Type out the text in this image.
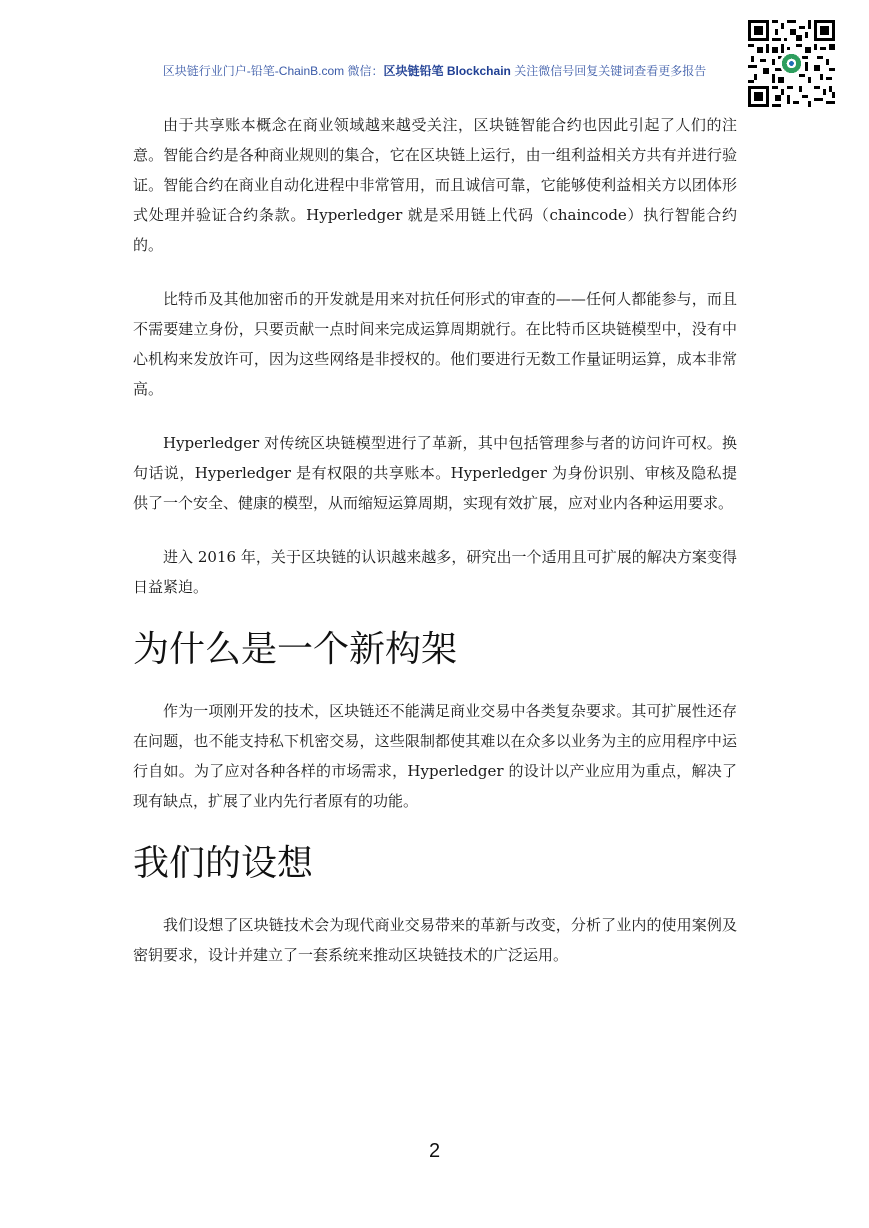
区块链行业门户-铅笔-ChainB.com 微信：区块链铅笔 Blockchain 关注微信号回复关键词查看更多报告

由于共享账本概念在商业领域越来越受关注，区块链智能合约也因此引起了人们的注意。智能合约是各种商业规则的集合，它在区块链上运行，由一组利益相关方共有并进行验证。智能合约在商业自动化进程中非常管用，而且诚信可靠，它能够使利益相关方以团体形式处理并验证合约条款。Hyperledger 就是采用链上代码（chaincode）执行智能合约的。

比特币及其他加密币的开发就是用来对抗任何形式的审查的——任何人都能参与，而且不需要建立身份，只要贡献一点时间来完成运算周期就行。在比特币区块链模型中，没有中心机构来发放许可，因为这些网络是非授权的。他们要进行无数工作量证明运算，成本非常高。

Hyperledger 对传统区块链模型进行了革新，其中包括管理参与者的访问许可权。换句话说，Hyperledger 是有权限的共享账本。Hyperledger 为身份识别、审核及隐私提供了一个安全、健康的模型，从而缩短运算周期，实现有效扩展，应对业内各种运用要求。

进入 2016 年，关于区块链的认识越来越多，研究出一个适用且可扩展的解决方案变得日益紧迫。

为什么是一个新构架

作为一项刚开发的技术，区块链还不能满足商业交易中各类复杂要求。其可扩展性还存在问题，也不能支持私下机密交易，这些限制都使其难以在众多以业务为主的应用程序中运行自如。为了应对各种各样的市场需求，Hyperledger 的设计以产业应用为重点，解决了现有缺点，扩展了业内先行者原有的功能。

我们的设想

我们设想了区块链技术会为现代商业交易带来的革新与改变，分析了业内的使用案例及密钥要求，设计并建立了一套系统来推动区块链技术的广泛运用。

2
